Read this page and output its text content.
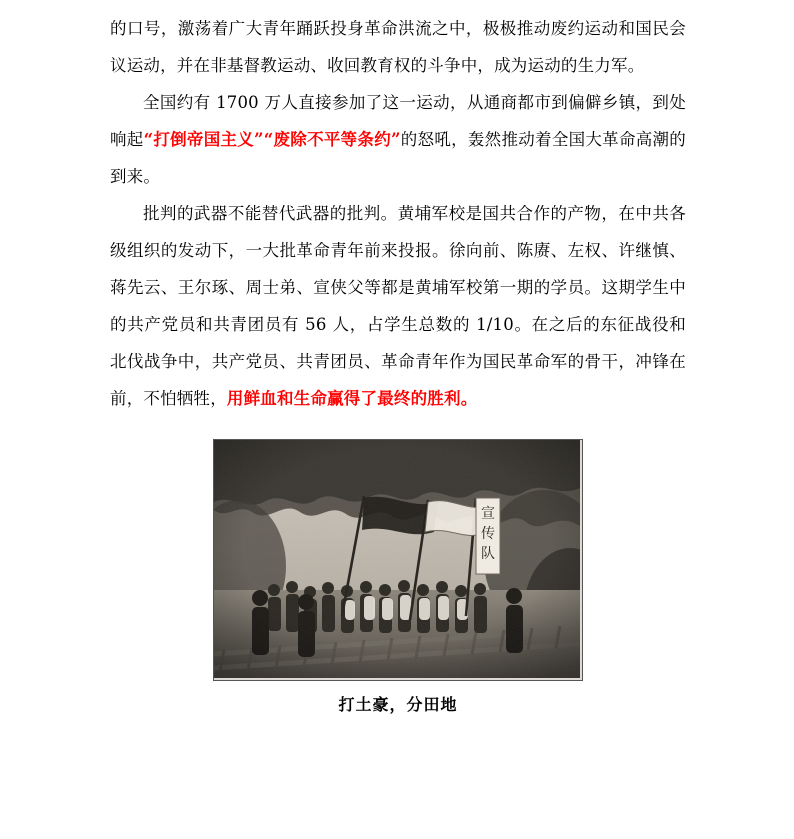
的口号，激荡着广大青年踊跃投身革命洪流之中，极极推动废约运动和国民会议运动，并在非基督教运动、收回教育权的斗争中，成为运动的生力军。

全国约有 1700 万人直接参加了这一运动，从通商都市到偏僻乡镇，到处响起“打倒帝国主义”“废除不平等条约”的怒吼，轰然推动着全国大革命高潮的到来。

批判的武器不能替代武器的批判。黄埔军校是国共合作的产物，在中共各级组织的发动下，一大批革命青年前来投报。徐向前、陈赓、左权、许继慎、蒋先云、王尔琢、周士弟、宣侠父等都是黄埔军校第一期的学员。这期学生中的共产党员和共青团员有 56 人，占学生总数的 1/10。在之后的东征战役和北伐战争中，共产党员、共青团员、革命青年作为国民革命军的骨干，冲锋在前，不怕牺牲，用鲜血和生命赢得了最终的胜利。

打土豪，分田地
